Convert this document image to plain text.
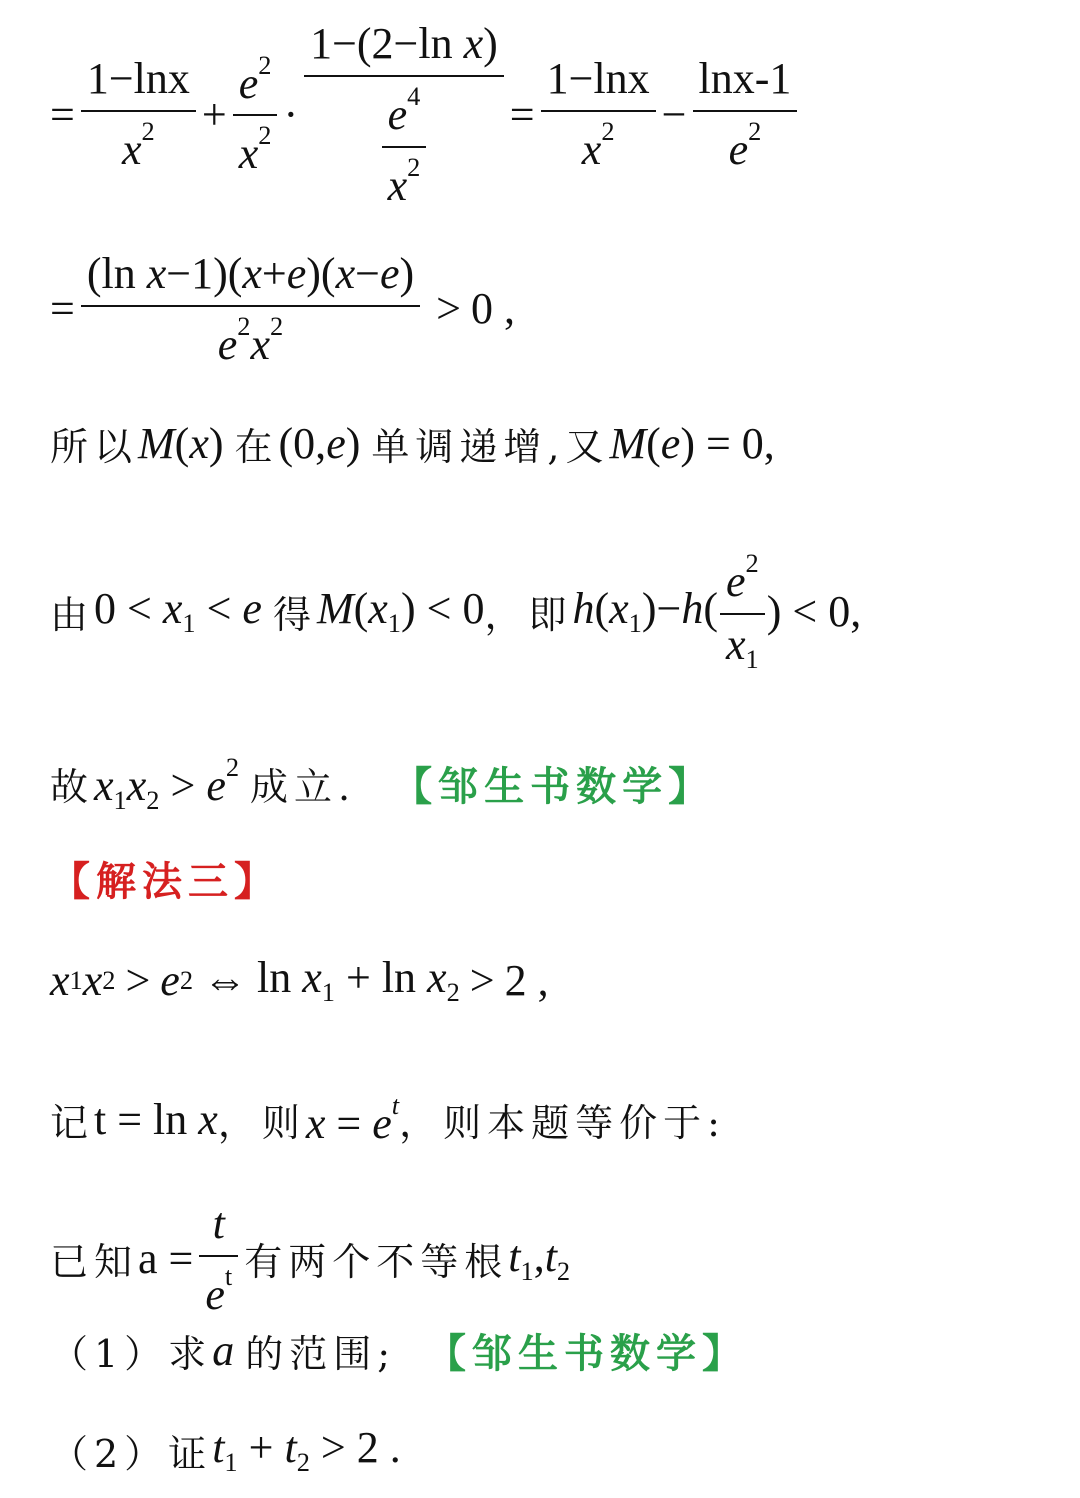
= $\frac{1-\ln x}{x^2} + \frac{e^2}{x^2} \cdot \frac{\text{1−(2−ln x)}}{\frac{e^4}{x^2}} = \frac{1-\ln x}{x^2} - \frac{\ln x-1}{e^2}$
= $\frac{\text{(ln x−1)(x+e)(x−e)}}{e^2x^2} > 0$ ,
所以 M(x) 在 (0,e) 单调递增, 又 M(e) = 0,
由 $0 < x_1 < e$ 得 $M(x_1) < 0$ ，即 $h(x_1)-h( \frac{e^2}{x_1}$ ) < 0,
故 $x_1x_2 > e^2$ 成立. 【邹生书数学】
【解法三】
x 1 x 2 > e 2 ⇔ $\ln x_1 + \ln x_2 > 2$ ,
记 t = ln x ，则 $x = e^t$ ，则本题等价于:
已知 $a = \frac{t}{e^t}$ 有两个不等根 $t_1,t_2$
（1）求 a 的范围; 【邹生书数学】
（2）证 $t_1 + t_2 > 2$ .
